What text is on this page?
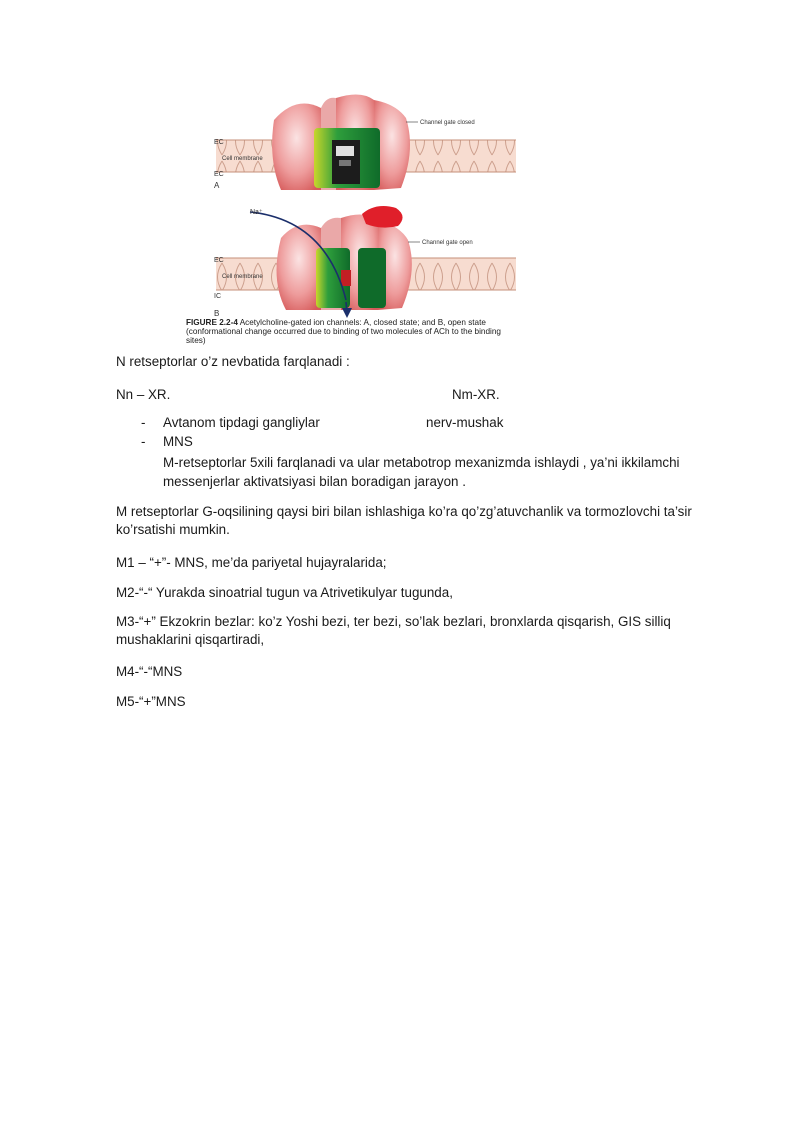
EC
Cell membrane
EC
A
Channel gate closed
Na⁺
EC
Cell membrane
IC
B
Channel gate open
FIGURE 2.2-4 Acetylcholine-gated ion channels: A, closed state; and B, open state (conformational change occurred due to binding of two molecules of ACh to the binding sites)
N retseptorlar o’z nevbatida farqlanadi :
Nn – XR.	Nm-XR.
- Avtanom tipdagi gangliylar	nerv-mushak
- MNS
M-retseptorlar 5xili farqlanadi va ular metabotrop mexanizmda ishlaydi , ya’ni ikkilamchi messenjerlar aktivatsiyasi bilan boradigan jarayon .
M retseptorlar G-oqsilining qaysi biri bilan ishlashiga ko’ra qo’zg’atuvchanlik va tormozlovchi ta’sir ko’rsatishi mumkin.
M1 – “+”- MNS, me’da pariyetal hujayralarida;
M2-“-“ Yurakda sinoatrial tugun va Atrivetikulyar tugunda,
M3-“+” Ekzokrin bezlar: ko’z Yoshi bezi, ter bezi, so’lak bezlari, bronxlarda qisqarish, GIS silliq mushaklarini qisqartiradi,
M4-“-“MNS
M5-“+”MNS
